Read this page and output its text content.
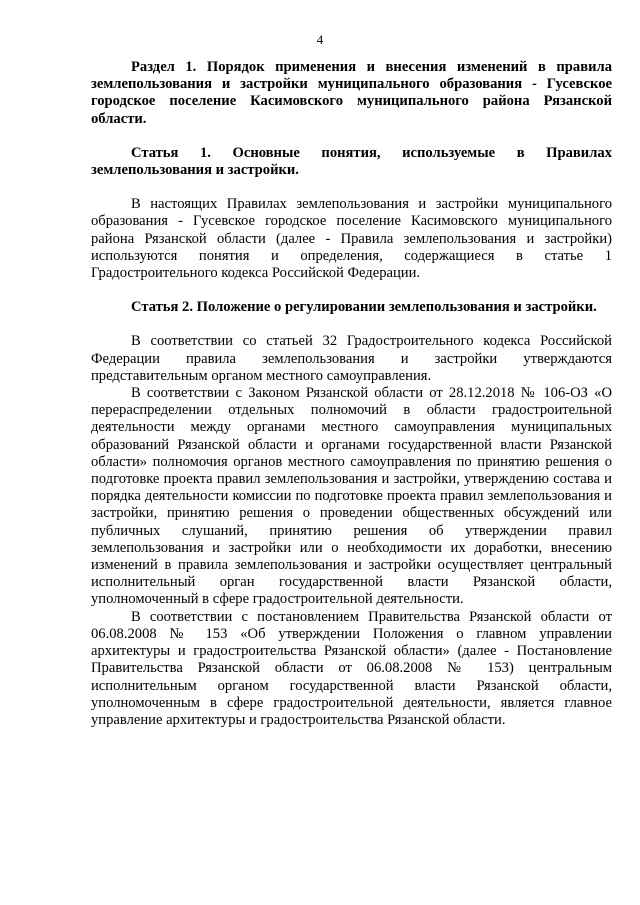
4

Раздел 1. Порядок применения и внесения изменений в правила землепользования и застройки муниципального образования - Гусевское городское поселение Касимовского муниципального района Рязанской области.

Статья 1. Основные понятия, используемые в Правилах землепользования и застройки.

В настоящих Правилах землепользования и застройки муниципального образования - Гусевское городское поселение Касимовского муниципального района Рязанской области (далее - Правила землепользования и застройки) используются понятия и определения, содержащиеся в статье 1 Градостроительного кодекса Российской Федерации.

Статья 2. Положение о регулировании землепользования и застройки.

В соответствии со статьей 32 Градостроительного кодекса Российской Федерации правила землепользования и застройки утверждаются представительным органом местного самоуправления.

В соответствии с Законом Рязанской области от 28.12.2018 № 106-ОЗ «О перераспределении отдельных полномочий в области градостроительной деятельности между органами местного самоуправления муниципальных образований Рязанской области и органами государственной власти Рязанской области» полномочия органов местного самоуправления по принятию решения о подготовке проекта правил землепользования и застройки, утверждению состава и порядка деятельности комиссии по подготовке проекта правил землепользования и застройки, принятию решения о проведении общественных обсуждений или публичных слушаний, принятию решения об утверждении правил землепользования и застройки или о необходимости их доработки, внесению изменений в правила землепользования и застройки осуществляет центральный исполнительный орган государственной власти Рязанской области, уполномоченный в сфере градостроительной деятельности.

В соответствии с постановлением Правительства Рязанской области от 06.08.2008 № 153 «Об утверждении Положения о главном управлении архитектуры и градостроительства Рязанской области» (далее - Постановление Правительства Рязанской области от 06.08.2008 № 153) центральным исполнительным органом государственной власти Рязанской области, уполномоченным в сфере градостроительной деятельности, является главное управление архитектуры и градостроительства Рязанской области.
